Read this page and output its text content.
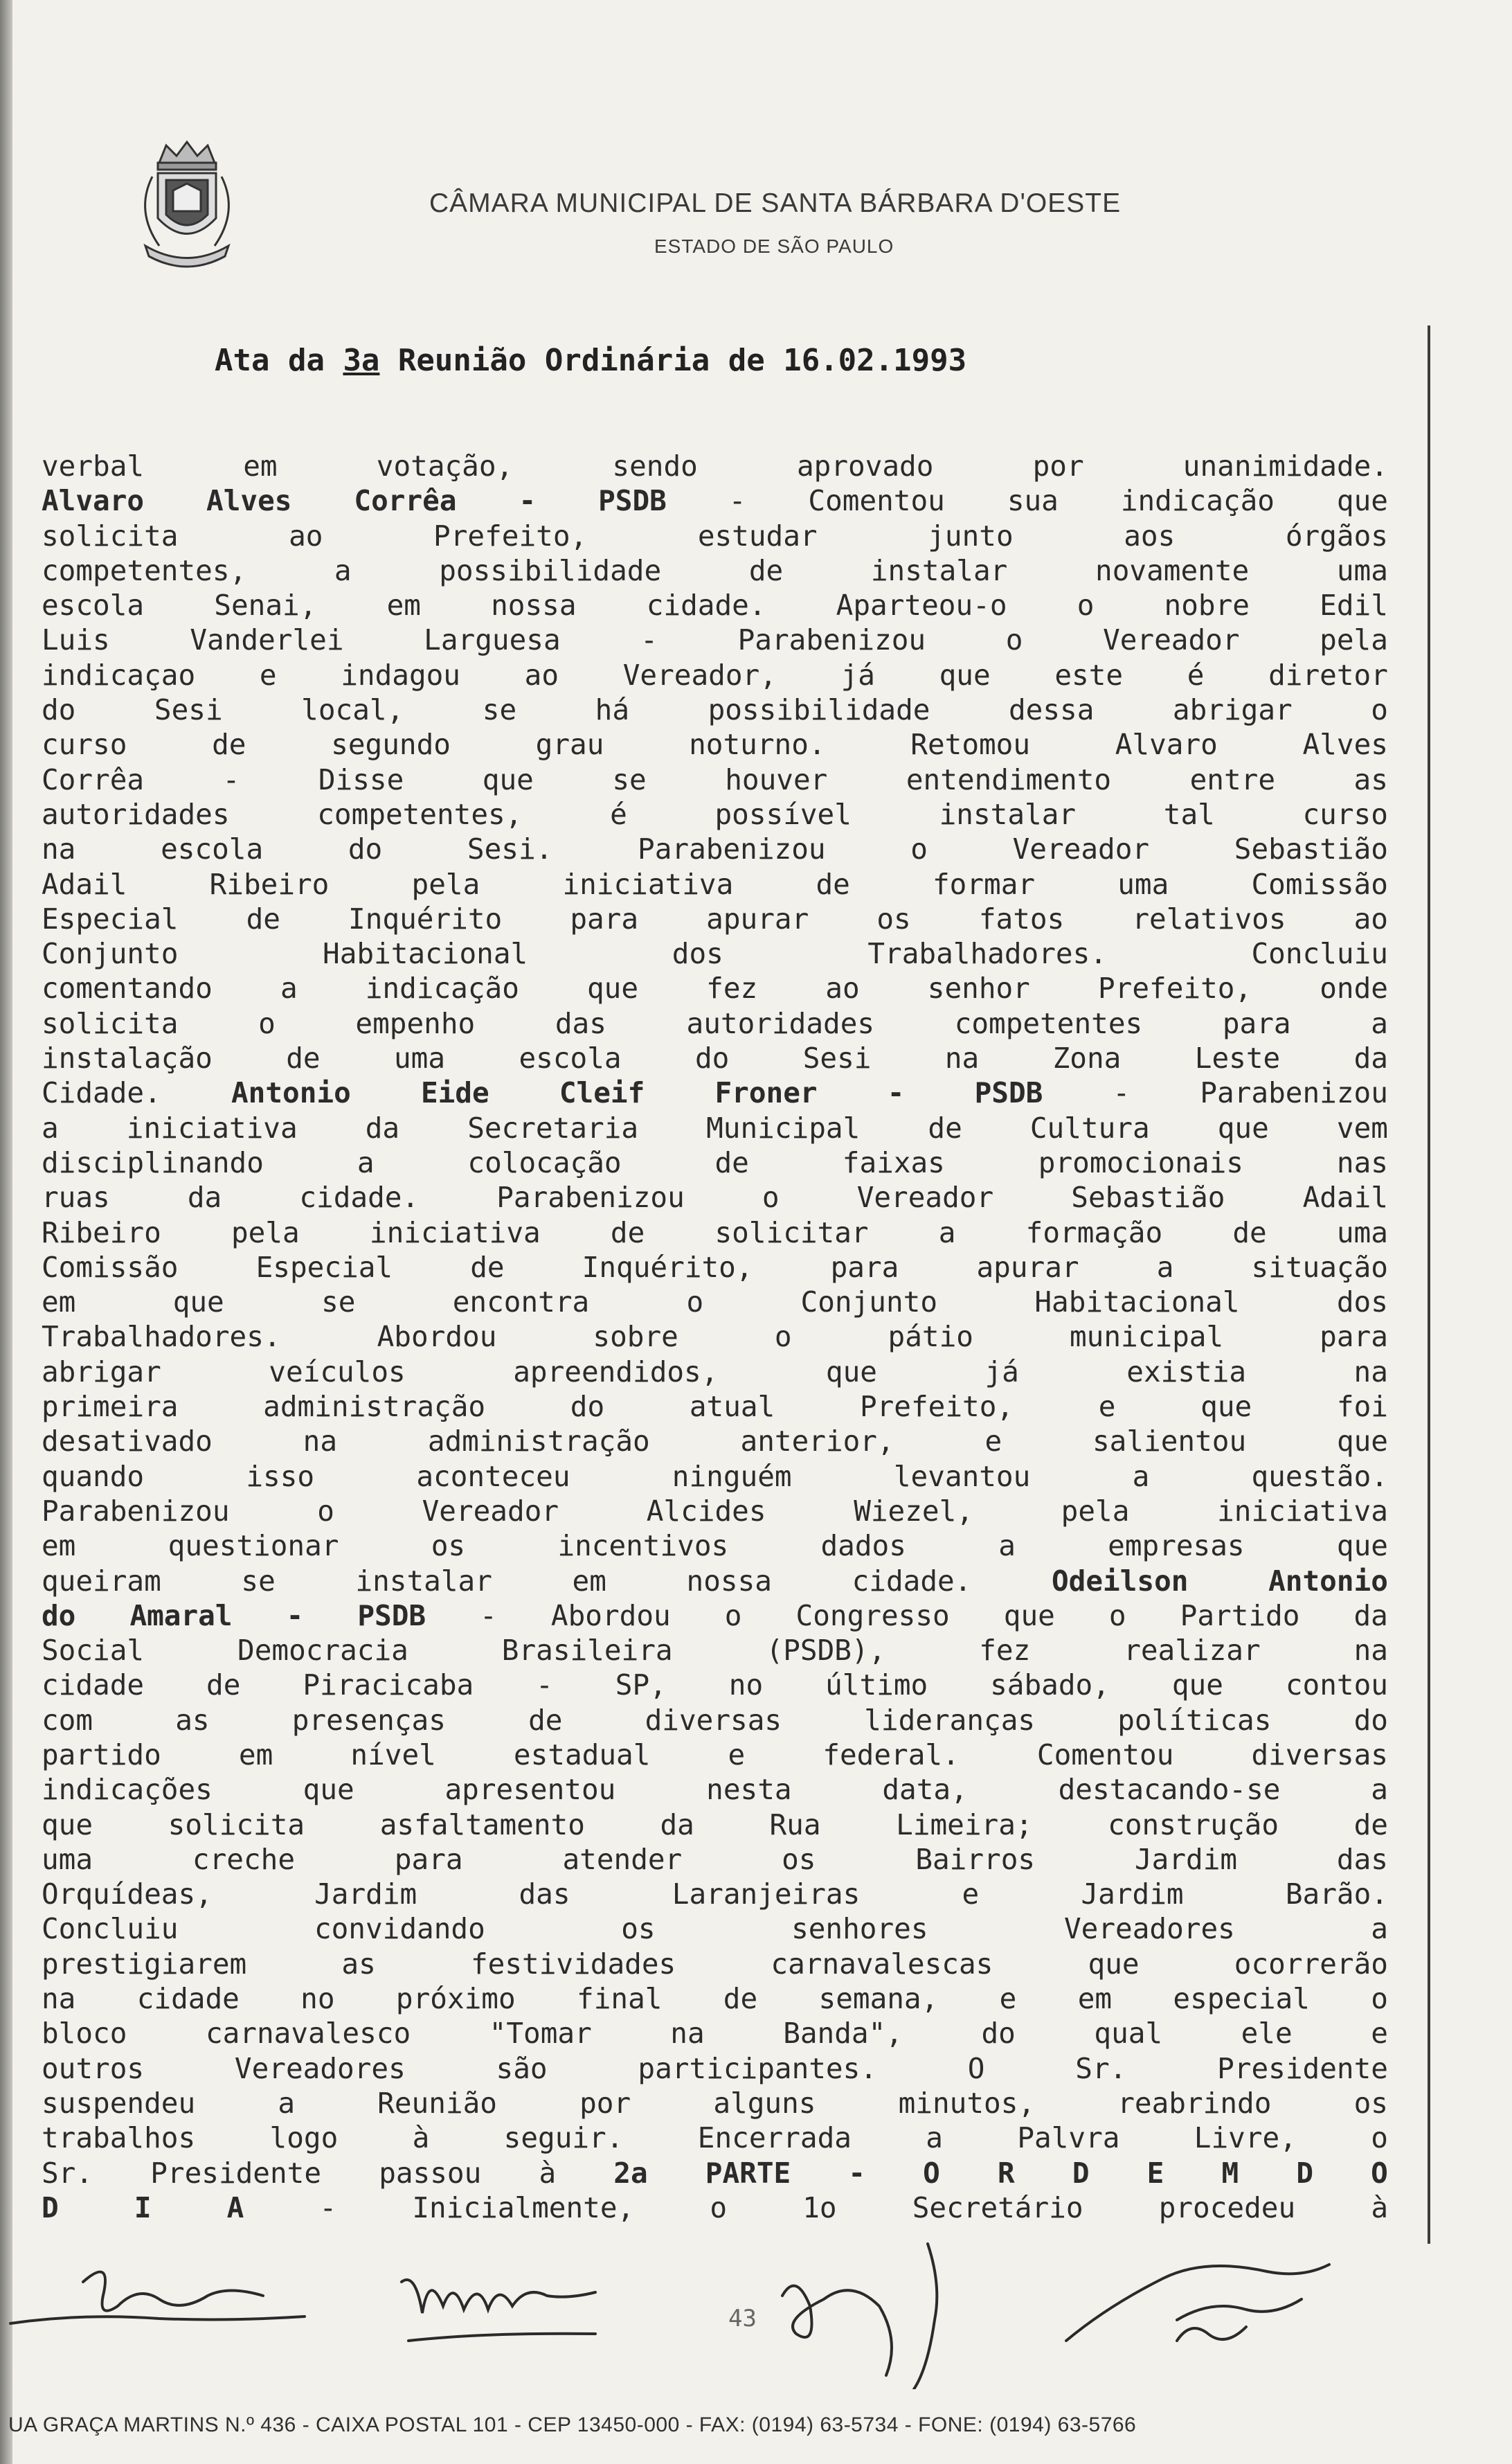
CÂMARA MUNICIPAL DE SANTA BÁRBARA D'OESTE
ESTADO DE SÃO PAULO
Ata da 3a Reunião Ordinária de 16.02.1993
verbal	em	votação,	sendo	aprovado	por	unanimidade.
Alvaro Alves Corrêa - PSDB - Comentou sua indicação que
solicita	ao	Prefeito,	estudar	junto	aos	órgãos
competentes,	a	possibilidade	de	instalar	novamente	uma
escola Senai, em nossa cidade. Aparteou-o o nobre Edil
Luis	Vanderlei	Larguesa	-	Parabenizou	o	Vereador	pela
indicaçao e indagou ao Vereador, já que este é diretor
do	Sesi	local,	se	há	possibilidade	dessa	abrigar	o
curso	de	segundo	grau	noturno.	Retomou	Alvaro	Alves
Corrêa	-	Disse	que	se	houver	entendimento	entre	as
autoridades	competentes,	é	possível	instalar	tal	curso
na	escola	do	Sesi.	Parabenizou	o	Vereador	Sebastião
Adail	Ribeiro	pela	iniciativa	de	formar	uma	Comissão
Especial de Inquérito para apurar os fatos relativos ao
Conjunto	Habitacional	dos	Trabalhadores.	Concluiu
comentando a indicação que fez ao senhor Prefeito, onde
solicita	o	empenho	das	autoridades	competentes	para	a
instalação	de	uma	escola	do	Sesi	na	Zona	Leste	da
Cidade. Antonio Eide Cleif Froner - PSDB - Parabenizou
a iniciativa da Secretaria Municipal de Cultura que vem
disciplinando	a	colocação	de	faixas	promocionais	nas
ruas	da	cidade.	Parabenizou	o	Vereador	Sebastião	Adail
Ribeiro pela iniciativa de solicitar a formação de uma
Comissão	Especial	de	Inquérito,	para	apurar	a	situação
em	que	se	encontra	o	Conjunto	Habitacional	dos
Trabalhadores.	Abordou	sobre	o	pátio	municipal	para
abrigar	veículos	apreendidos,	que	já	existia	na
primeira	administração	do	atual	Prefeito,	e	que	foi
desativado	na	administração	anterior,	e	salientou	que
quando	isso	aconteceu	ninguém	levantou	a	questão.
Parabenizou	o	Vereador	Alcides	Wiezel,	pela	iniciativa
em	questionar	os	incentivos	dados	a	empresas	que
queiram	se	instalar	em	nossa	cidade.	Odeilson	Antonio
do Amaral - PSDB - Abordou o Congresso que o Partido da
Social	Democracia	Brasileira	(PSDB),	fez	realizar	na
cidade de Piracicaba - SP, no último sábado, que contou
com	as	presenças	de	diversas	lideranças	políticas	do
partido	em	nível	estadual	e	federal.	Comentou	diversas
indicações	que	apresentou	nesta	data,	destacando-se	a
que	solicita	asfaltamento	da	Rua	Limeira;	construção	de
uma	creche	para	atender	os	Bairros	Jardim	das
Orquídeas,	Jardim	das	Laranjeiras	e	Jardim	Barão.
Concluiu	convidando	os	senhores	Vereadores	a
prestigiarem	as	festividades	carnavalescas	que	ocorrerão
na cidade no próximo final de semana, e em especial o
bloco	carnavalesco	"Tomar	na	Banda",	do	qual	ele	e
outros	Vereadores	são	participantes.	O	Sr.	Presidente
suspendeu	a	Reunião	por	alguns	minutos,	reabrindo	os
trabalhos	logo	à	seguir.	Encerrada	a	Palvra	Livre,	o
Sr. Presidente passou à 2a PARTE - O R D E M D O
D	I	A	-	Inicialmente,	o	1o	Secretário	procedeu	à
43
UA GRAÇA MARTINS N.º 436 - CAIXA POSTAL 101 - CEP 13450-000 - FAX: (0194) 63-5734 - FONE: (0194) 63-5766
